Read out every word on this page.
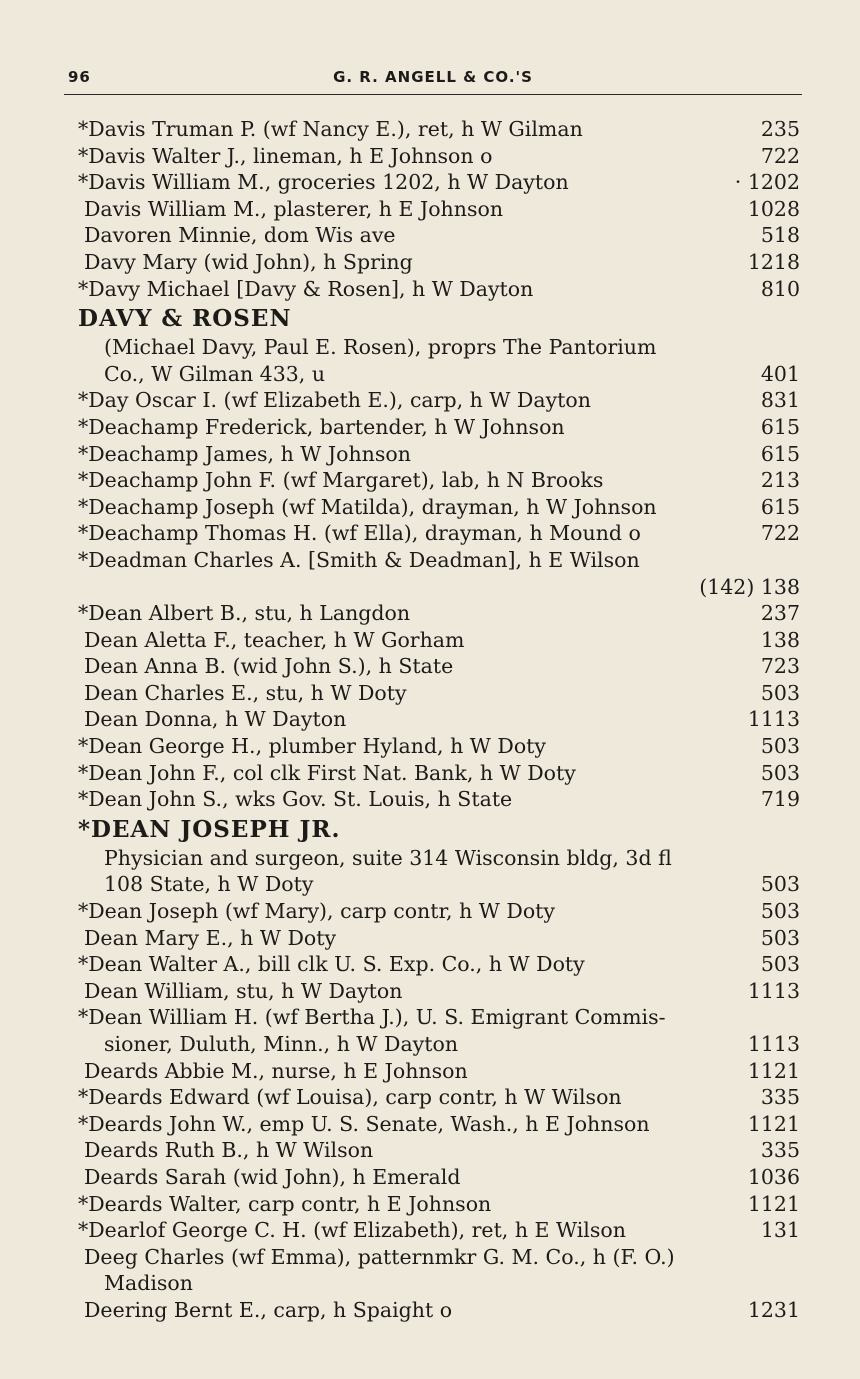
96	G. R. ANGELL & CO.'S
*Davis Truman P. (wf Nancy E.), ret, h W Gilman	235
*Davis Walter J., lineman, h E Johnson o	722
*Davis William M., groceries 1202, h W Dayton	· 1202
Davis William M., plasterer, h E Johnson	1028
Davoren Minnie, dom Wis ave	518
Davy Mary (wid John), h Spring	1218
*Davy Michael [Davy & Rosen], h W Dayton	810
DAVY & ROSEN
(Michael Davy, Paul E. Rosen), proprs The Pantorium
Co., W Gilman 433, u	401
*Day Oscar I. (wf Elizabeth E.), carp, h W Dayton	831
*Deachamp Frederick, bartender, h W Johnson	615
*Deachamp James, h W Johnson	615
*Deachamp John F. (wf Margaret), lab, h N Brooks	213
*Deachamp Joseph (wf Matilda), drayman, h W Johnson	615
*Deachamp Thomas H. (wf Ella), drayman, h Mound o	722
*Deadman Charles A. [Smith & Deadman], h E Wilson
(142) 138
*Dean Albert B., stu, h Langdon	237
Dean Aletta F., teacher, h W Gorham	138
Dean Anna B. (wid John S.), h State	723
Dean Charles E., stu, h W Doty	503
Dean Donna, h W Dayton	1113
*Dean George H., plumber Hyland, h W Doty	503
*Dean John F., col clk First Nat. Bank, h W Doty	503
*Dean John S., wks Gov. St. Louis, h State	719
*DEAN JOSEPH JR.
Physician and surgeon, suite 314 Wisconsin bldg, 3d fl
108 State, h W Doty	503
*Dean Joseph (wf Mary), carp contr, h W Doty	503
Dean Mary E., h W Doty	503
*Dean Walter A., bill clk U. S. Exp. Co., h W Doty	503
Dean William, stu, h W Dayton	1113
*Dean William H. (wf Bertha J.), U. S. Emigrant Commis-
sioner, Duluth, Minn., h W Dayton	1113
Deards Abbie M., nurse, h E Johnson	1121
*Deards Edward (wf Louisa), carp contr, h W Wilson	335
*Deards John W., emp U. S. Senate, Wash., h E Johnson	1121
Deards Ruth B., h W Wilson	335
Deards Sarah (wid John), h Emerald	1036
*Deards Walter, carp contr, h E Johnson	1121
*Dearlof George C. H. (wf Elizabeth), ret, h E Wilson	131
Deeg Charles (wf Emma), patternmkr G. M. Co., h (F. O.)
Madison
Deering Bernt E., carp, h Spaight o	1231
